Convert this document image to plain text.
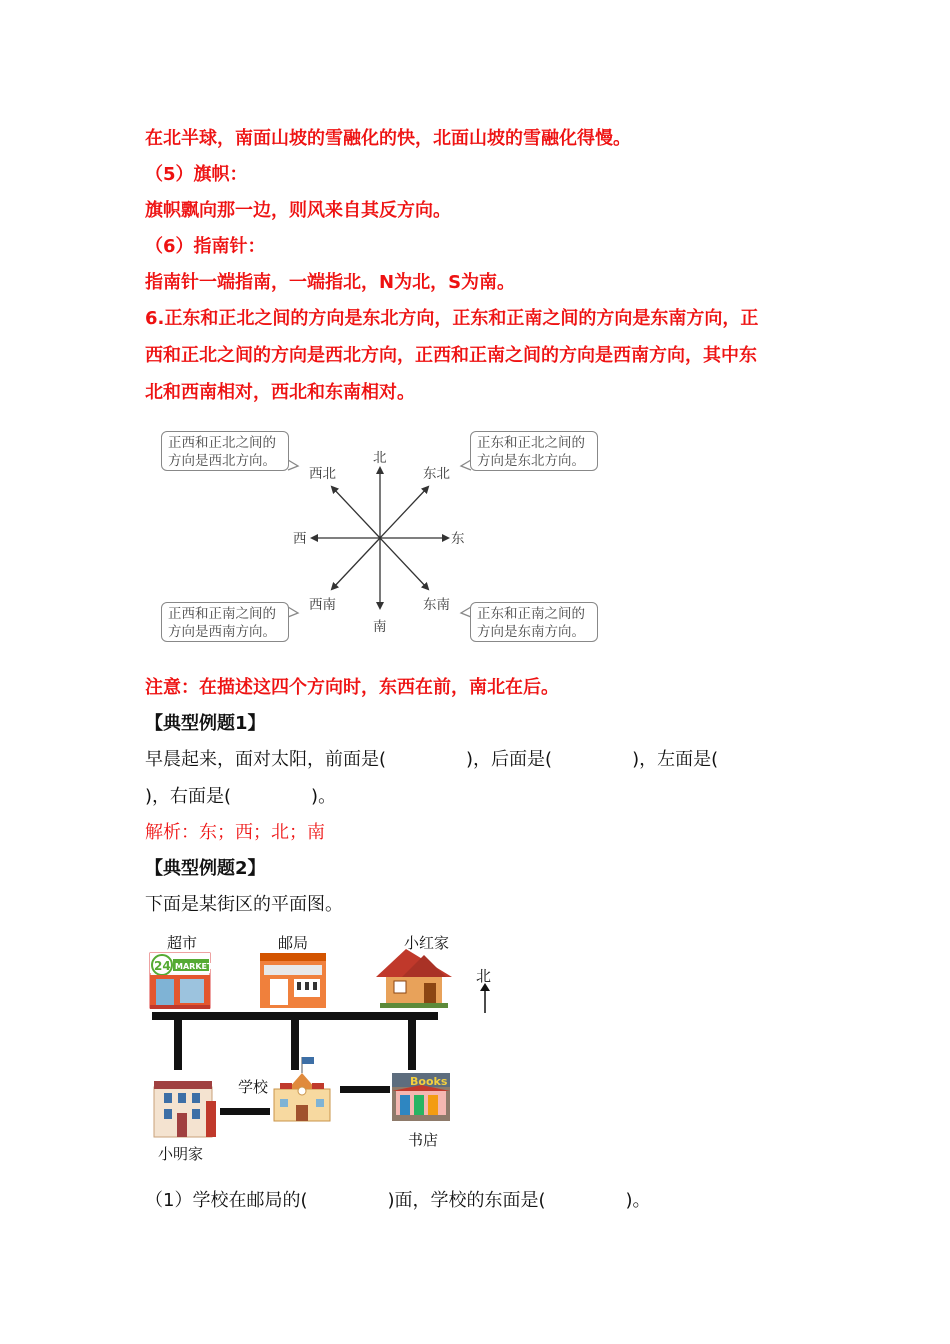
在北半球，南面山坡的雪融化的快，北面山坡的雪融化得慢。
（5）旗帜：
旗帜飘向那一边，则风来自其反方向。
（6）指南针：
指南针一端指南，一端指北，N为北，S为南。
6.正东和正北之间的方向是东北方向，正东和正南之间的方向是东南方向，正
西和正北之间的方向是西北方向，正西和正南之间的方向是西南方向，其中东
北和西南相对，西北和东南相对。
北
南
东
西
东北
西北
东南
西南
正西和正北之间的
方向是西北方向。
正东和正北之间的
方向是东北方向。
正西和正南之间的
方向是西南方向。
正东和正南之间的
方向是东南方向。
注意：在描述这四个方向时，东西在前，南北在后。
【典型例题1】
早晨起来，面对太阳，前面是(	)，后面是(	)，左面是(
)，右面是(	)。
解析：东；西；北；南
【典型例题2】
下面是某街区的平面图。
24 MARKET
Books
超市	邮局	小红家
北
学校
书店
小明家
（1）学校在邮局的(	)面，学校的东面是(	)。
